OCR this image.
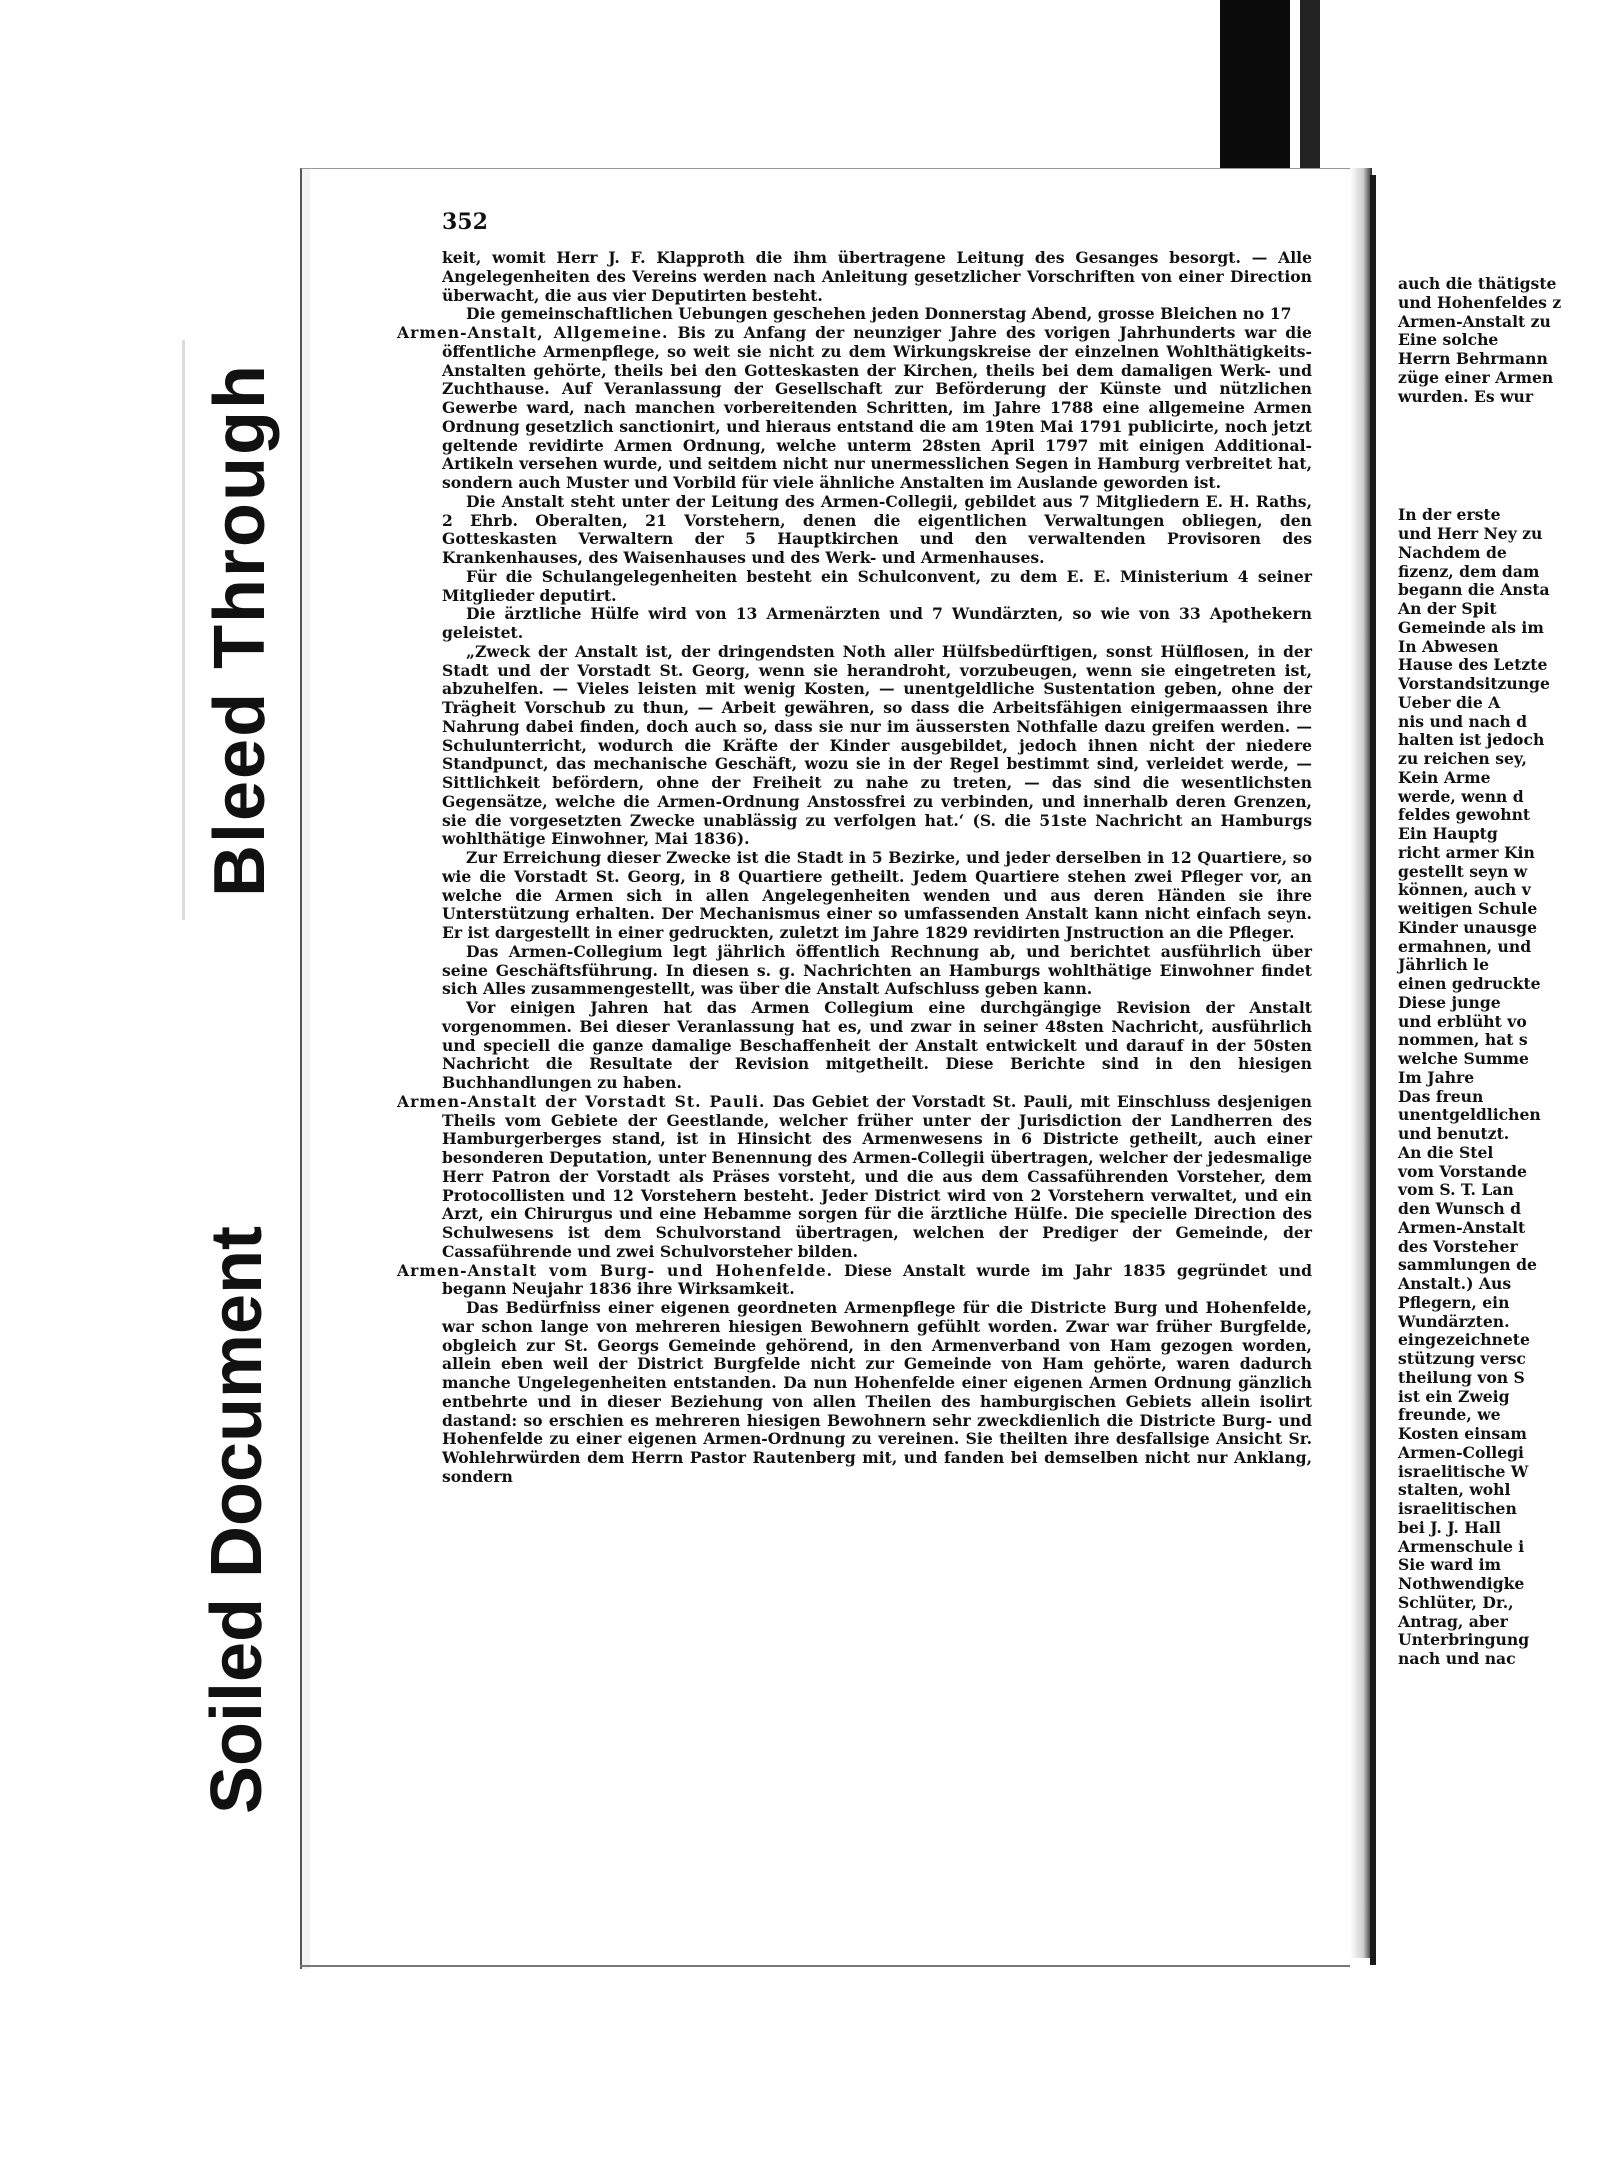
Bleed Through
Soiled Document
352

keit, womit Herr J. F. Klapproth die ihm übertragene Leitung des Gesanges besorgt. — Alle Angelegenheiten des Vereins werden nach Anleitung gesetzlicher Vorschriften von einer Direction überwacht, die aus vier Deputirten besteht.

Die gemeinschaftlichen Uebungen geschehen jeden Donnerstag Abend, grosse Bleichen no 17

Armen-Anstalt, Allgemeine. Bis zu Anfang der neunziger Jahre des vorigen Jahrhunderts war die öffentliche Armenpflege, so weit sie nicht zu dem Wirkungskreise der einzelnen Wohlthätigkeits-Anstalten gehörte, theils bei den Gotteskasten der Kirchen, theils bei dem damaligen Werk- und Zuchthause. Auf Veranlassung der Gesellschaft zur Beförderung der Künste und nützlichen Gewerbe ward, nach manchen vorbereitenden Schritten, im Jahre 1788 eine allgemeine Armen Ordnung gesetzlich sanctionirt, und hieraus entstand die am 19ten Mai 1791 publicirte, noch jetzt geltende revidirte Armen Ordnung, welche unterm 28sten April 1797 mit einigen Additional-Artikeln versehen wurde, und seitdem nicht nur unermesslichen Segen in Hamburg verbreitet hat, sondern auch Muster und Vorbild für viele ähnliche Anstalten im Auslande geworden ist.

Die Anstalt steht unter der Leitung des Armen-Collegii, gebildet aus 7 Mitgliedern E. H. Raths, 2 Ehrb. Oberalten, 21 Vorstehern, denen die eigentlichen Verwaltungen obliegen, den Gotteskasten Verwaltern der 5 Hauptkirchen und den verwaltenden Provisoren des Krankenhauses, des Waisenhauses und des Werk- und Armenhauses.

Für die Schulangelegenheiten besteht ein Schulconvent, zu dem E. E. Ministerium 4 seiner Mitglieder deputirt.

Die ärztliche Hülfe wird von 13 Armenärzten und 7 Wundärzten, so wie von 33 Apothekern geleistet.

„Zweck der Anstalt ist, der dringendsten Noth aller Hülfsbedürftigen, sonst Hülflosen, in der Stadt und der Vorstadt St. Georg, wenn sie herandroht, vorzubeugen, wenn sie eingetreten ist, abzuhelfen. — Vieles leisten mit wenig Kosten, — unentgeldliche Sustentation geben, ohne der Trägheit Vorschub zu thun, — Arbeit gewähren, so dass die Arbeitsfähigen einigermaassen ihre Nahrung dabei finden, doch auch so, dass sie nur im äussersten Nothfalle dazu greifen werden. — Schulunterricht, wodurch die Kräfte der Kinder ausgebildet, jedoch ihnen nicht der niedere Standpunct, das mechanische Geschäft, wozu sie in der Regel bestimmt sind, verleidet werde, — Sittlichkeit befördern, ohne der Freiheit zu nahe zu treten, — das sind die wesentlichsten Gegensätze, welche die Armen-Ordnung Anstossfrei zu verbinden, und innerhalb deren Grenzen, sie die vorgesetzten Zwecke unablässig zu verfolgen hat.‘ (S. die 51ste Nachricht an Hamburgs wohlthätige Einwohner, Mai 1836).

Zur Erreichung dieser Zwecke ist die Stadt in 5 Bezirke, und jeder derselben in 12 Quartiere, so wie die Vorstadt St. Georg, in 8 Quartiere getheilt. Jedem Quartiere stehen zwei Pfleger vor, an welche die Armen sich in allen Angelegenheiten wenden und aus deren Händen sie ihre Unterstützung erhalten. Der Mechanismus einer so umfassenden Anstalt kann nicht einfach seyn. Er ist dargestellt in einer gedruckten, zuletzt im Jahre 1829 revidirten Jnstruction an die Pfleger.

Das Armen-Collegium legt jährlich öffentlich Rechnung ab, und berichtet ausführlich über seine Geschäftsführung. In diesen s. g. Nachrichten an Hamburgs wohlthätige Einwohner findet sich Alles zusammengestellt, was über die Anstalt Aufschluss geben kann.

Vor einigen Jahren hat das Armen Collegium eine durchgängige Revision der Anstalt vorgenommen. Bei dieser Veranlassung hat es, und zwar in seiner 48sten Nachricht, ausführlich und speciell die ganze damalige Beschaffenheit der Anstalt entwickelt und darauf in der 50sten Nachricht die Resultate der Revision mitgetheilt. Diese Berichte sind in den hiesigen Buchhandlungen zu haben.

Armen-Anstalt der Vorstadt St. Pauli. Das Gebiet der Vorstadt St. Pauli, mit Einschluss desjenigen Theils vom Gebiete der Geestlande, welcher früher unter der Jurisdiction der Landherren des Hamburgerberges stand, ist in Hinsicht des Armenwesens in 6 Districte getheilt, auch einer besonderen Deputation, unter Benennung des Armen-Collegii übertragen, welcher der jedesmalige Herr Patron der Vorstadt als Präses vorsteht, und die aus dem Cassaführenden Vorsteher, dem Protocollisten und 12 Vorstehern besteht. Jeder District wird von 2 Vorstehern verwaltet, und ein Arzt, ein Chirurgus und eine Hebamme sorgen für die ärztliche Hülfe. Die specielle Direction des Schulwesens ist dem Schulvorstand übertragen, welchen der Prediger der Gemeinde, der Cassaführende und zwei Schulvorsteher bilden.

Armen-Anstalt vom Burg- und Hohenfelde. Diese Anstalt wurde im Jahr 1835 gegründet und begann Neujahr 1836 ihre Wirksamkeit.

Das Bedürfniss einer eigenen geordneten Armenpflege für die Districte Burg und Hohenfelde, war schon lange von mehreren hiesigen Bewohnern gefühlt worden. Zwar war früher Burgfelde, obgleich zur St. Georgs Gemeinde gehörend, in den Armenverband von Ham gezogen worden, allein eben weil der District Burgfelde nicht zur Gemeinde von Ham gehörte, waren dadurch manche Ungelegenheiten entstanden. Da nun Hohenfelde einer eigenen Armen Ordnung gänzlich entbehrte und in dieser Beziehung von allen Theilen des hamburgischen Gebiets allein isolirt dastand: so erschien es mehreren hiesigen Bewohnern sehr zweckdienlich die Districte Burg- und Hohenfelde zu einer eigenen Armen-Ordnung zu vereinen. Sie theilten ihre desfallsige Ansicht Sr. Wohlehrwürden dem Herrn Pastor Rautenberg mit, und fanden bei demselben nicht nur Anklang, sondern

auch die thätigste
und Hohenfeldes z
Armen-Anstalt zu
Eine solche
Herrn Behrmann
züge einer Armen
wurden. Es wur
In der erste
und Herr Ney zu
Nachdem de
fizenz, dem dam
begann die Ansta
An der Spit
Gemeinde als im
In Abwesen
Hause des Letzte
Vorstandsitzunge
Ueber die A
nis und nach d
halten ist jedoch
zu reichen sey,
Kein Arme
werde, wenn d
feldes gewohnt
Ein Hauptg
richt armer Kin
gestellt seyn w
können, auch v
weitigen Schule
Kinder unausge
ermahnen, und
Jährlich le
einen gedruckte
Diese junge
und erblüht vo
nommen, hat s
welche Summe
Im Jahre
Das freun
unentgeldlichen
und benutzt.
An die Stel
vom Vorstande
vom S. T. Lan
den Wunsch d
Armen-Anstalt
des Vorsteher
sammlungen de
Anstalt.) Aus
Pflegern, ein
Wundärzten.
eingezeichnete
stützung versc
theilung von S
ist ein Zweig
freunde, we
Kosten einsam
Armen-Collegi
israelitische W
stalten, wohl
israelitischen
bei J. J. Hall
Armenschule i
Sie ward im
Nothwendigke
Schlüter, Dr.,
Antrag, aber
Unterbringung
nach und nac
